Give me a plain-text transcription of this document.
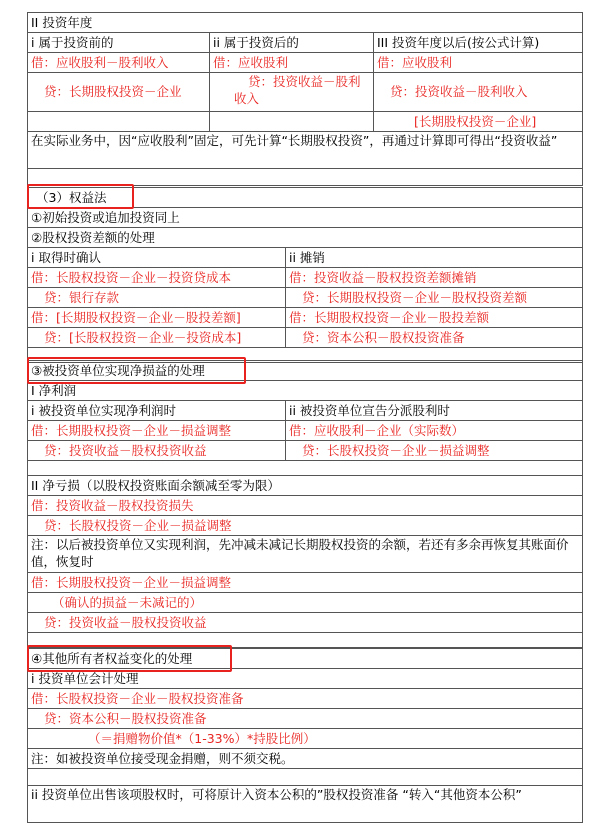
II 投资年度		
i 属于投资前的	ii 属于投资后的	III 投资年度以后(按公式计算)
借：应收股利－股利收入	借：应收股利	借：应收股利
贷：长期股权投资－企业	贷：投资收益－股利收入	贷：投资收益－股利收入
		[长期股权投资－企业]
在实际业务中，因“应收股利”固定，可先计算“长期股权投资”，再通过计算即可得出“投资收益”		

（3）权益法	
①初始投资或追加投资同上	
②股权投资差额的处理	
i 取得时确认	ii 摊销
借：长股权投资－企业－投资贷成本	借：投资收益－股权投资差额摊销
贷：银行存款	贷：长期股权投资－企业－股权投资差额
借：[长期股权投资－企业－股投差额]	借：长期股权投资－企业－股投差额
贷：[长股权投资－企业－投资成本]	贷：资本公积－股权投资准备

③被投资单位实现净损益的处理	
I 净利润	
i 被投资单位实现净利润时	ii 被投资单位宣告分派股利时
借：长期股权投资－企业－损益调整	借：应收股利－企业（实际数）
贷：投资收益－股权投资收益	贷：长股权投资－企业－损益调整

II 净亏损（以股权投资账面余额减至零为限）	
借：投资收益－股权投资损失	
贷：长股权投资－企业－损益调整	
注：以后被投资单位又实现利润，先冲减未减记长期股权投资的余额，若还有多余再恢复其账面价值，恢复时	
借：长期股权投资－企业－损益调整	
（确认的损益－未减记的）	
贷：投资收益－股权投资收益	

④其他所有者权益变化的处理
i 投资单位会计处理
借：长股权投资－企业－股权投资准备
贷：资本公积－股权投资准备
（＝捐赠物价值*（1-33%）*持股比例）
注：如被投资单位接受现金捐赠，则不须交税。

ii 投资单位出售该项股权时，可将原计入资本公积的”股权投资准备 “转入“其他资本公积”
